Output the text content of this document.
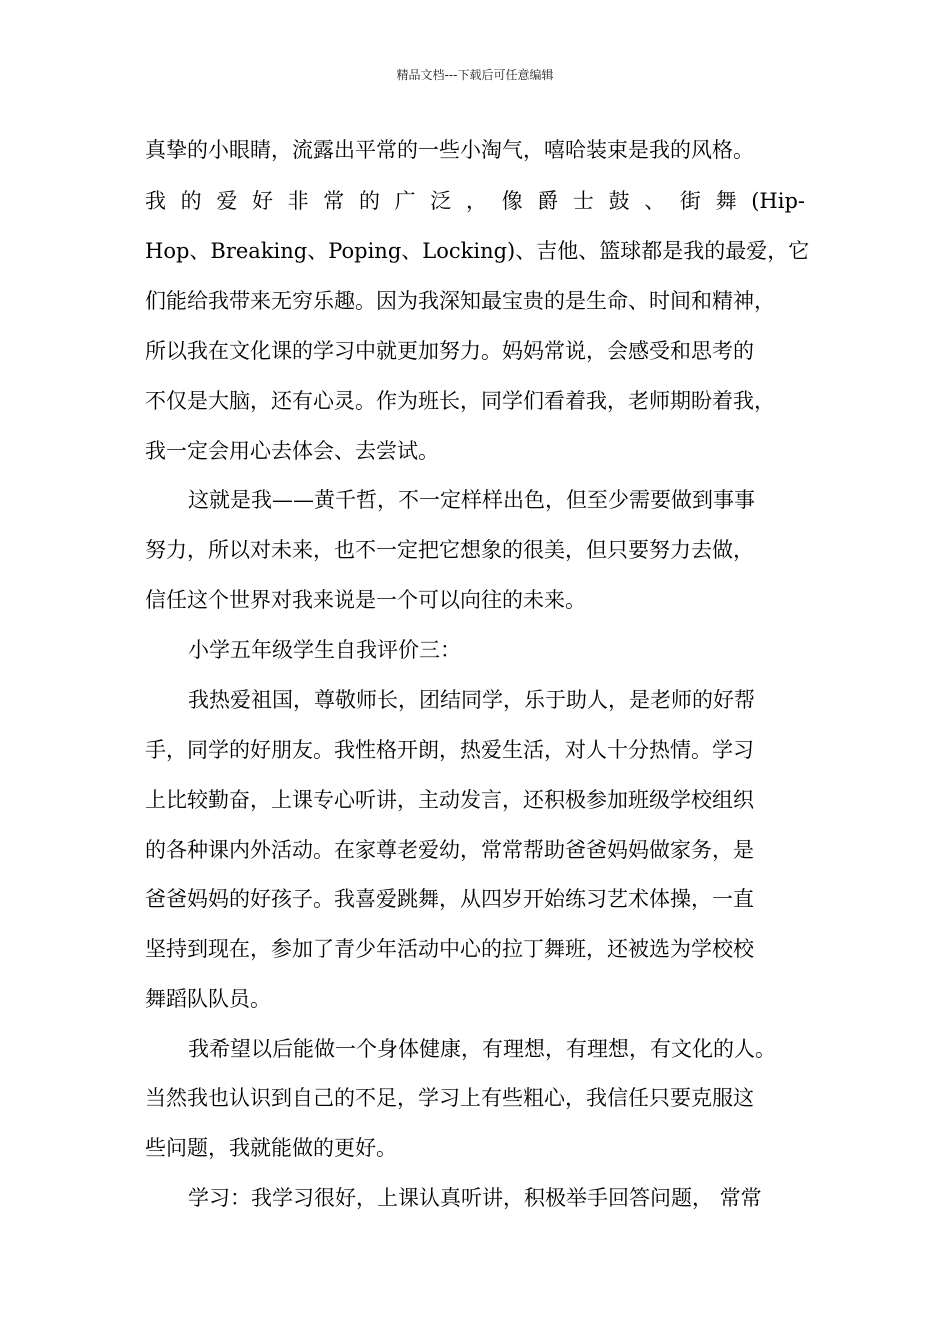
精品文档---下载后可任意编辑
真挚的小眼睛，流露出平常的一些小淘气，嘻哈装束是我的风格。
我 的 爱 好 非 常 的 广 泛 ， 像 爵 士 鼓 、 街 舞 (Hip-
Hop、Breaking、Poping、Locking)、吉他、篮球都是我的最爱，它
们能给我带来无穷乐趣。因为我深知最宝贵的是生命、时间和精神，
所以我在文化课的学习中就更加努力。妈妈常说，会感受和思考的
不仅是大脑，还有心灵。作为班长，同学们看着我，老师期盼着我，
我一定会用心去体会、去尝试。
这就是我——黄千哲，不一定样样出色，但至少需要做到事事
努力，所以对未来，也不一定把它想象的很美，但只要努力去做，
信任这个世界对我来说是一个可以向往的未来。
小学五年级学生自我评价三：
我热爱祖国，尊敬师长，团结同学，乐于助人，是老师的好帮
手，同学的好朋友。我性格开朗，热爱生活，对人十分热情。学习
上比较勤奋，上课专心听讲，主动发言，还积极参加班级学校组织
的各种课内外活动。在家尊老爱幼，常常帮助爸爸妈妈做家务，是
爸爸妈妈的好孩子。我喜爱跳舞，从四岁开始练习艺术体操，一直
坚持到现在，参加了青少年活动中心的拉丁舞班，还被选为学校校
舞蹈队队员。
我希望以后能做一个身体健康，有理想，有理想，有文化的人。
当然我也认识到自己的不足，学习上有些粗心，我信任只要克服这
些问题，我就能做的更好。
学习：我学习很好，上课认真听讲，积极举手回答问题， 常常
